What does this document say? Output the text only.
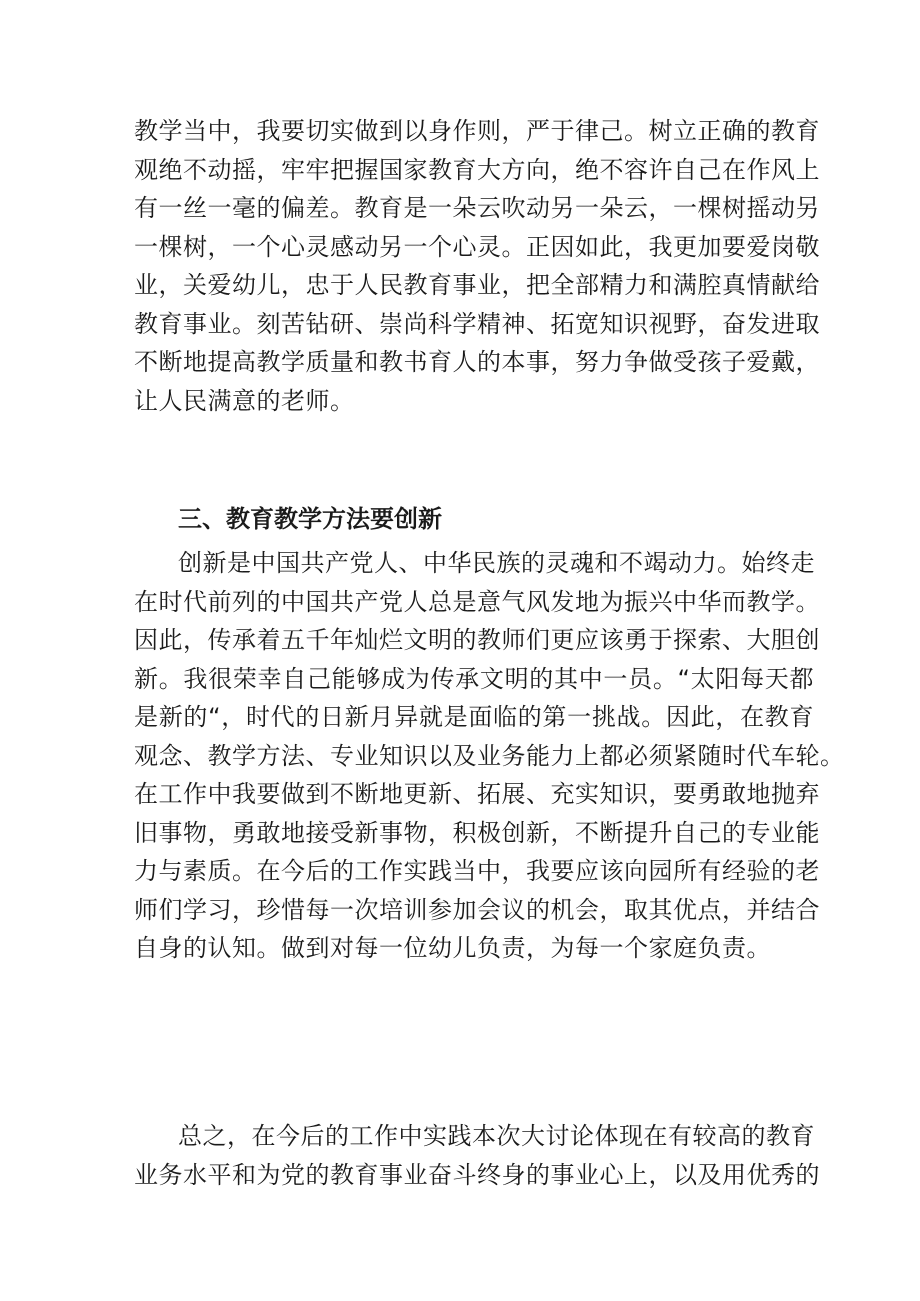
教学当中，我要切实做到以身作则，严于律己。树立正确的教育
观绝不动摇，牢牢把握国家教育大方向，绝不容许自己在作风上
有一丝一毫的偏差。教育是一朵云吹动另一朵云，一棵树摇动另
一棵树，一个心灵感动另一个心灵。正因如此，我更加要爱岗敬
业，关爱幼儿，忠于人民教育事业，把全部精力和满腔真情献给
教育事业。刻苦钻研、崇尚科学精神、拓宽知识视野，奋发进取
不断地提高教学质量和教书育人的本事，努力争做受孩子爱戴，
让人民满意的老师。
三、教育教学方法要创新
创新是中国共产党人、中华民族的灵魂和不竭动力。始终走
在时代前列的中国共产党人总是意气风发地为振兴中华而教学。
因此，传承着五千年灿烂文明的教师们更应该勇于探索、大胆创
新。我很荣幸自己能够成为传承文明的其中一员。“太阳每天都
是新的“，时代的日新月异就是面临的第一挑战。因此，在教育
观念、教学方法、专业知识以及业务能力上都必须紧随时代车轮。
在工作中我要做到不断地更新、拓展、充实知识，要勇敢地抛弃
旧事物，勇敢地接受新事物，积极创新，不断提升自己的专业能
力与素质。在今后的工作实践当中，我要应该向园所有经验的老
师们学习，珍惜每一次培训参加会议的机会，取其优点，并结合
自身的认知。做到对每一位幼儿负责，为每一个家庭负责。
总之，在今后的工作中实践本次大讨论体现在有较高的教育
业务水平和为党的教育事业奋斗终身的事业心上，以及用优秀的
